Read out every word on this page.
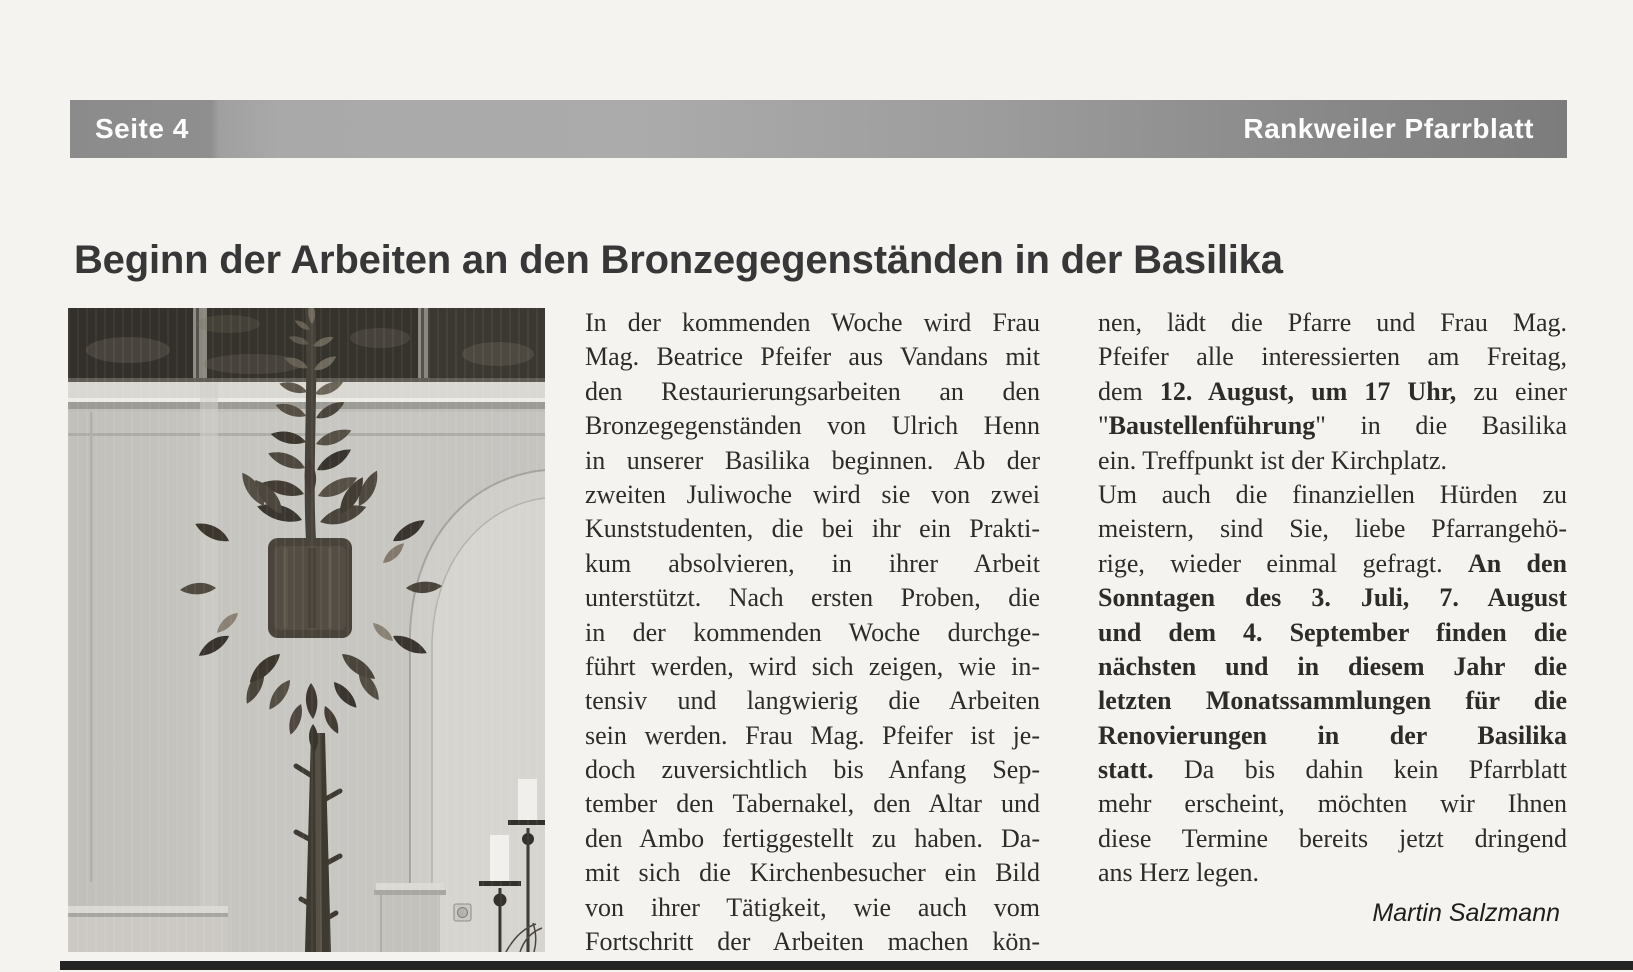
Seite 4	Rankweiler Pfarrblatt
Beginn der Arbeiten an den Bronzegegenständen in der Basilika
In der kommenden Woche wird Frau
Mag. Beatrice Pfeifer aus Vandans mit
den Restaurierungsarbeiten an den
Bronzegegenständen von Ulrich Henn
in unserer Basilika beginnen. Ab der
zweiten Juliwoche wird sie von zwei
Kunststudenten, die bei ihr ein Prakti-
kum absolvieren, in ihrer Arbeit
unterstützt. Nach ersten Proben, die
in der kommenden Woche durchge-
führt werden, wird sich zeigen, wie in-
tensiv und langwierig die Arbeiten
sein werden. Frau Mag. Pfeifer ist je-
doch zuversichtlich bis Anfang Sep-
tember den Tabernakel, den Altar und
den Ambo fertiggestellt zu haben. Da-
mit sich die Kirchenbesucher ein Bild
von ihrer Tätigkeit, wie auch vom
Fortschritt der Arbeiten machen kön-
nen, lädt die Pfarre und Frau Mag.
Pfeifer alle interessierten am Freitag,
dem 12. August, um 17 Uhr, zu einer
"Baustellenführung" in die Basilika
ein. Treffpunkt ist der Kirchplatz.
Um auch die finanziellen Hürden zu
meistern, sind Sie, liebe Pfarrangehö-
rige, wieder einmal gefragt. An den
Sonntagen des 3. Juli, 7. August
und dem 4. September finden die
nächsten und in diesem Jahr die
letzten Monatssammlungen für die
Renovierungen in der Basilika
statt. Da bis dahin kein Pfarrblatt
mehr erscheint, möchten wir Ihnen
diese Termine bereits jetzt dringend
ans Herz legen.
Martin Salzmann
